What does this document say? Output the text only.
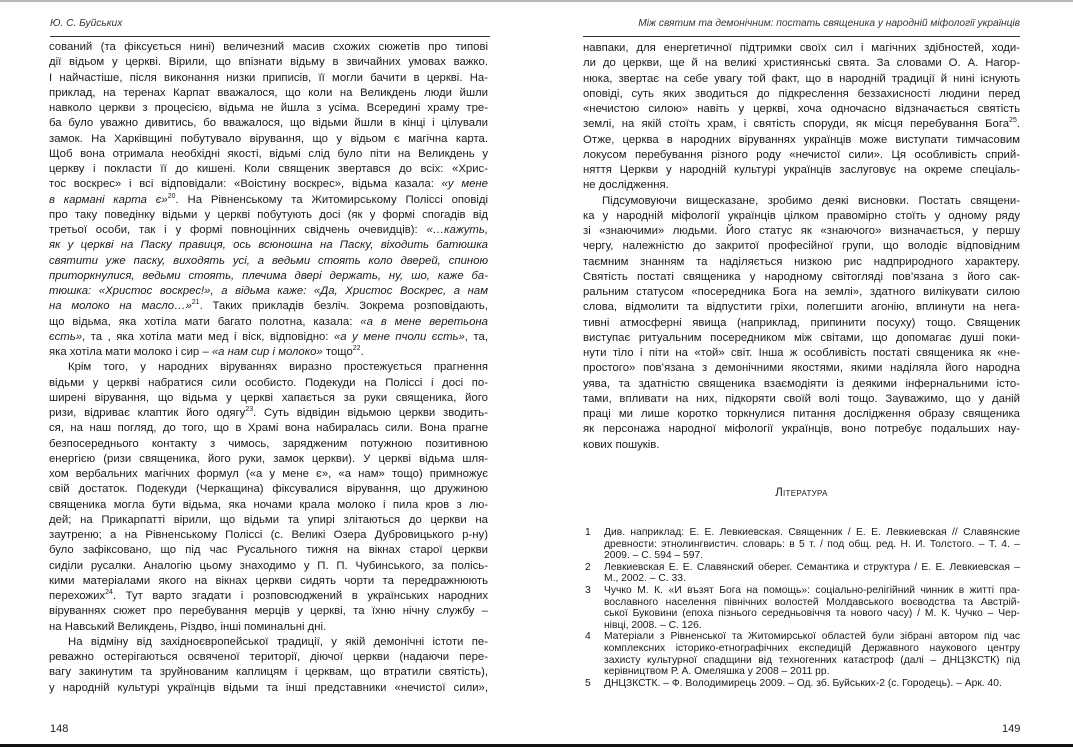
Ю. С. Буйських
сований (та фіксується нині) величезний масив схожих сюжетів про типові
дії відьом у церкві. Вірили, що впізнати відьму в звичайних умовах важко.
І найчастіше, після виконання низки приписів, її могли бачити в церкві. На-
приклад, на теренах Карпат вважалося, що коли на Великдень люди йшли
навколо церкви з процесією, відьма не йшла з усіма. Всередині храму тре-
ба було уважно дивитись, бо вважалося, що відьми йшли в кінці і цілували
замок. На Харківщині побутувало вірування, що у відьом є магічна карта.
Щоб вона отримала необхідні якості, відьмі слід було піти на Великдень у
церкву і покласти її до кишені. Коли священик звертався до всіх: «Хрис-
тос воскрес» і всі відповідали: «Воістину воскрес», відьма казала: «у мене
в кармані карта є»$^{20}$. На Рівненському та Житомирському Поліссі оповіді
про таку поведінку відьми у церкві побутують досі (як у формі спогадів від
третьої особи, так і у формі повноцінних свідчень очевидців): «…кажуть,
як у церкві на Паску правиця, ось всюношна на Паску, віходить батюшка
святити уже паску, виходять усі, а ведьми стоять коло дверей, спиною
приторкнулися, ведьми стоять, плечима двері держать, ну, шо, каже ба-
тюшка: «Христос воскрес!», а відьма каже: «Да, Христос Воскрес, а нам
на молоко на масло…»$^{21}$. Таких прикладів безліч. Зокрема розповідають,
що відьма, яка хотіла мати багато полотна, казала: «а в мене веретьона
єсть», та , яка хотіла мати мед і віск, відповідно: «а у мене пчоли єсть», та,
яка хотіла мати молоко і сир – «а нам сир і молоко» тощо$^{22}$.
Крім того, у народних віруваннях виразно простежується прагнення
відьми у церкві набратися сили особисто. Подекуди на Поліссі і досі по-
ширені вірування, що відьма у церкві хапається за руки священика, його
ризи, відриває клаптик його одягу$^{23}$. Суть відвідин відьмою церкви зводить-
ся, на наш погляд, до того, що в Храмі вона набиралась сили. Вона прагне
безпосереднього контакту з чимось, зарядженим потужною позитивною
енергією (ризи священика, його руки, замок церкви). У церкві відьма шля-
хом вербальних магічних формул («а у мене є», «а нам» тощо) примножує
свій достаток. Подекуди (Черкащина) фіксувалися вірування, що дружиною
священика могла бути відьма, яка ночами крала молоко і пила кров з лю-
дей; на Прикарпатті вірили, що відьми та упирі злітаються до церкви на
заутреню; а на Рівненському Поліссі (с. Великі Озера Дубровицького р-ну)
було зафіксовано, що під час Русального тижня на вікнах старої церкви
сиділи русалки. Аналогію цьому знаходимо у П. П. Чубинського, за полісь-
кими матеріалами якого на вікнах церкви сидять чорти та передражнюють
перехожих$^{24}$. Тут варто згадати і розповсюджений в українських народних
віруваннях сюжет про перебування мерців у церкві, та їхню нічну службу –
на Навський Великдень, Різдво, інші поминальні дні.
На відміну від західноєвропейської традиції, у якій демонічні істоти пе-
реважно остерігаються освяченої території, діючої церкви (надаючи пере-
вагу закинутим та зруйнованим каплицям і церквам, що втратили святість),
у народній культурі українців відьми та інші представники «нечистої сили»,
148
Між святим та демонічним: постать священика у народній міфології українців
навпаки, для енергетичної підтримки своїх сил і магічних здібностей, ходи-
ли до церкви, ще й на великі християнські свята. За словами О. А. Нагор-
нюка, звертає на себе увагу той факт, що в народній традиції й нині існують
оповіді, суть яких зводиться до підкреслення беззахисності людини перед
«нечистою силою» навіть у церкві, хоча одночасно відзначається святість
землі, на якій стоїть храм, і святість споруди, як місця перебування Бога$^{25}$.
Отже, церква в народних віруваннях українців може виступати тимчасовим
локусом перебування різного роду «нечистої сили». Ця особливість сприй-
няття Церкви у народній культурі українців заслуговує на окреме спеціаль-
не дослідження.
Підсумовуючи вищесказане, зробимо деякі висновки. Постать священи-
ка у народній міфології українців цілком правомірно стоїть у одному ряду
зі «знаючими» людьми. Його статус як «знаючого» визначається, у першу
чергу, належністю до закритої професійної групи, що володіє відповідним
таємним знанням та наділяється низкою рис надприродного характеру.
Святість постаті священика у народному світогляді пов’язана з його сак-
ральним статусом «посередника Бога на землі», здатного вилікувати силою
слова, відмолити та відпустити гріхи, полегшити агонію, вплинути на нега-
тивні атмосферні явища (наприклад, припинити посуху) тощо. Священик
виступає ритуальним посередником між світами, що допомагає душі поки-
нути тіло і піти на «той» світ. Інша ж особливість постаті священика як «не-
простого» пов’язана з демонічними якостями, якими наділяла його народна
уява, та здатністю священика взаємодіяти із деякими інфернальними істо-
тами, впливати на них, підкоряти своїй волі тощо. Зауважимо, що у даній
праці ми лише коротко торкнулися питання дослідження образу священика
як персонажа народної міфології українців, воно потребує подальших нау-
кових пошуків.
Література
1 Див. наприклад: Е. Е. Левкиевская. Священник / Е. Е. Левкиевская // Славянские
древности: этнолингвистич. словарь: в 5 т. / под общ. ред. Н. И. Толстого. – Т. 4. –
2009. – С. 594 – 597.
2 Левкиевская Е. Е. Славянский оберег. Семантика и структура / Е. Е. Левкиевская –
М., 2002. – С. 33.
3 Чучко М. К. «И възят Бога на помощь»: соціально-релігійний чинник в житті пра-
вославного населення північних волостей Молдавського воєводства та Австрій-
ської Буковини (епоха пізнього середньовіччя та нового часу) / М. К. Чучко – Чер-
нівці, 2008. – С. 126.
4 Матеріали з Рівненської та Житомирської областей були зібрані автором під час
комплексних історико-етнографічних експедицій Державного наукового центру
захисту культурної спадщини від техногенних катастроф (далі – ДНЦЗКСТК) під
керівництвом Р. А. Омеляшка у 2008 – 2011 рр.
5 ДНЦЗКСТК. – Ф. Володимирець 2009. – Од. зб. Буйських-2 (с. Городець). – Арк. 40.
149
